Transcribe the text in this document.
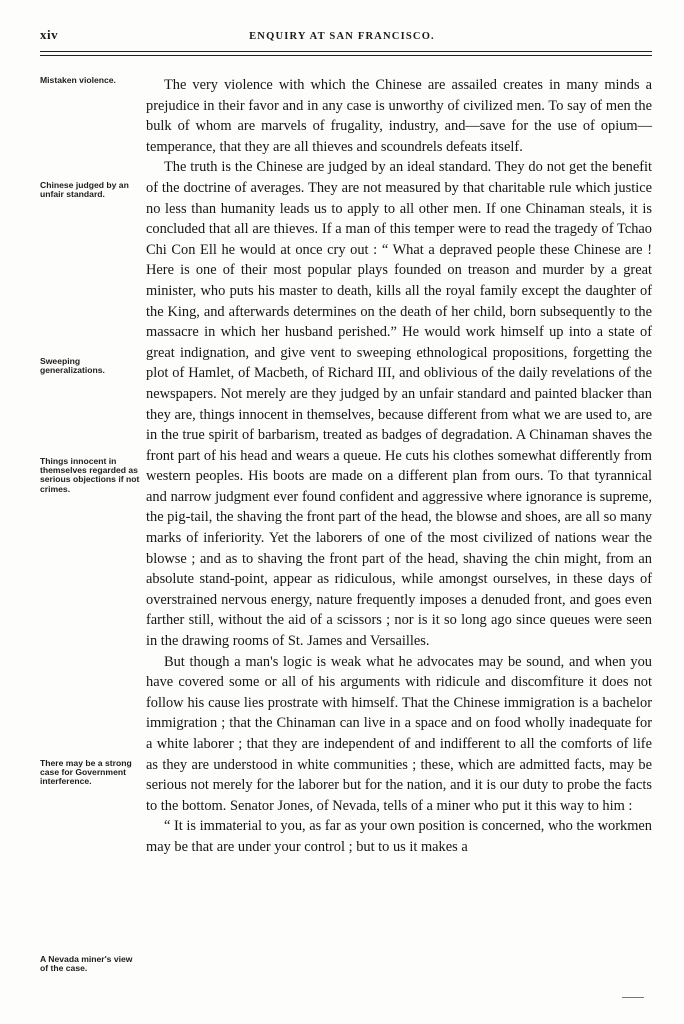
xiv	ENQUIRY AT SAN FRANCISCO.
Mistaken violence.
Chinese judged by an unfair standard.
Sweeping generalizations.
Things innocent in themselves regarded as serious objections if not crimes.
There may be a strong case for Government interference.
A Nevada miner's view of the case.

The very violence with which the Chinese are assailed creates in many minds a prejudice in their favor and in any case is unworthy of civilized men. To say of men the bulk of whom are marvels of frugality, industry, and—save for the use of opium—temperance, that they are all thieves and scoundrels defeats itself.

The truth is the Chinese are judged by an ideal standard. They do not get the benefit of the doctrine of averages. They are not measured by that charitable rule which justice no less than humanity leads us to apply to all other men. If one Chinaman steals, it is concluded that all are thieves. If a man of this temper were to read the tragedy of Tchao Chi Con Ell he would at once cry out : “ What a depraved people these Chinese are ! Here is one of their most popular plays founded on treason and murder by a great minister, who puts his master to death, kills all the royal family except the daughter of the King, and afterwards determines on the death of her child, born subsequently to the massacre in which her husband perished.” He would work himself up into a state of great indignation, and give vent to sweeping ethnological propositions, forgetting the plot of Hamlet, of Macbeth, of Richard III, and oblivious of the daily revelations of the newspapers. Not merely are they judged by an unfair standard and painted blacker than they are, things innocent in themselves, because different from what we are used to, are in the true spirit of barbarism, treated as badges of degradation. A Chinaman shaves the front part of his head and wears a queue. He cuts his clothes somewhat differently from western peoples. His boots are made on a different plan from ours. To that tyrannical and narrow judgment ever found confident and aggressive where ignorance is supreme, the pig-tail, the shaving the front part of the head, the blowse and shoes, are all so many marks of inferiority. Yet the laborers of one of the most civilized of nations wear the blowse ; and as to shaving the front part of the head, shaving the chin might, from an absolute stand-point, appear as ridiculous, while amongst ourselves, in these days of overstrained nervous energy, nature frequently imposes a denuded front, and goes even farther still, without the aid of a scissors ; nor is it so long ago since queues were seen in the drawing rooms of St. James and Versailles.

But though a man's logic is weak what he advocates may be sound, and when you have covered some or all of his arguments with ridicule and discomfiture it does not follow his cause lies prostrate with himself. That the Chinese immigration is a bachelor immigration ; that the Chinaman can live in a space and on food wholly inadequate for a white laborer ; that they are independent of and indifferent to all the comforts of life as they are understood in white communities ; these, which are admitted facts, may be serious not merely for the laborer but for the nation, and it is our duty to probe the facts to the bottom. Senator Jones, of Nevada, tells of a miner who put it this way to him :

“ It is immaterial to you, as far as your own position is concerned, who the workmen may be that are under your control ; but to us it makes a
